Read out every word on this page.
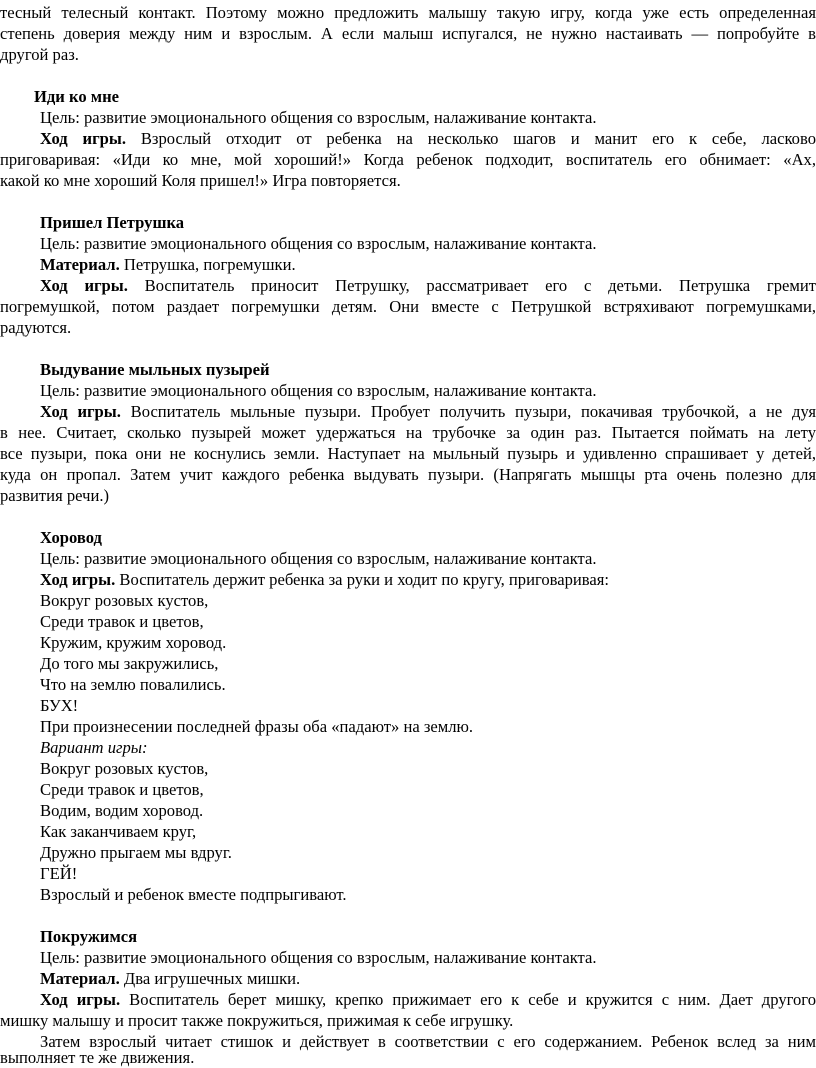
тесный телесный контакт. Поэтому можно предложить малышу такую игру, когда уже есть определенная

степень доверия между ним и взрослым. А если малыш испугался, не нужно настаивать — попробуйте в

другой раз.

Иди ко мне

Цель: развитие эмоционального общения со взрослым, налаживание контакта.

Ход игры. Взрослый отходит от ребенка на несколько шагов и манит его к себе, ласково

приговаривая: «Иди ко мне, мой хороший!» Когда ребенок подходит, воспитатель его обнимает: «Ах,

какой ко мне хороший Коля пришел!» Игра повторяется.

Пришел Петрушка

Цель: развитие эмоционального общения со взрослым, налаживание контакта.

Материал. Петрушка, погремушки.

Ход игры. Воспитатель приносит Петрушку, рассматривает его с детьми. Петрушка гремит

погремушкой, потом раздает погремушки детям. Они вместе с Петрушкой встряхивают погремушками,

радуются.

Выдувание мыльных пузырей

Цель: развитие эмоционального общения со взрослым, налаживание контакта.

Ход игры. Воспитатель мыльные пузыри. Пробует получить пузыри, покачивая трубочкой, а не дуя

в нее. Считает, сколько пузырей может удержаться на трубочке за один раз. Пытается поймать на лету

все пузыри, пока они не коснулись земли. Наступает на мыльный пузырь и удивленно спрашивает у детей,

куда он пропал. Затем учит каждого ребенка выдувать пузыри. (Напрягать мышцы рта очень полезно для

развития речи.)

Хоровод

Цель: развитие эмоционального общения со взрослым, налаживание контакта.

Ход игры. Воспитатель держит ребенка за руки и ходит по кругу, приговаривая:

Вокруг розовых кустов,

Среди травок и цветов,

Кружим, кружим хоровод.

До того мы закружились,

Что на землю повалились.

БУХ!

При произнесении последней фразы оба «падают» на землю.

Вариант игры:

Вокруг розовых кустов,

Среди травок и цветов,

Водим, водим хоровод.

Как заканчиваем круг,

Дружно прыгаем мы вдруг.

ГЕЙ!

Взрослый и ребенок вместе подпрыгивают.

Покружимся

Цель: развитие эмоционального общения со взрослым, налаживание контакта.

Материал. Два игрушечных мишки.

Ход игры. Воспитатель берет мишку, крепко прижимает его к себе и кружится с ним. Дает другого

мишку малышу и просит также покружиться, прижимая к себе игрушку.

Затем взрослый читает стишок и действует в соответствии с его содержанием. Ребенок вслед за ним

выполняет те же движения.
